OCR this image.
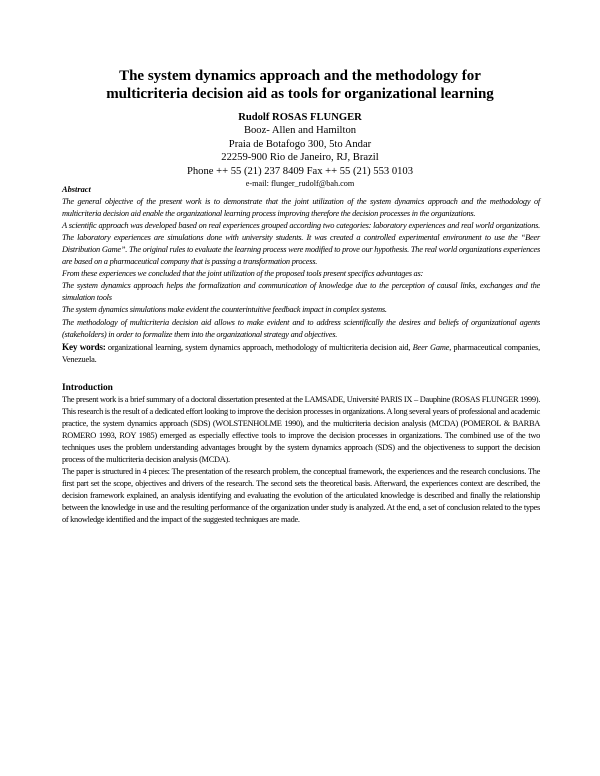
The system dynamics approach and the methodology for
multicriteria decision aid as tools for organizational learning
Rudolf ROSAS FLUNGER
Booz- Allen and Hamilton
Praia de Botafogo 300, 5to Andar
22259-900 Rio de Janeiro, RJ, Brazil
Phone ++ 55 (21) 237 8409 Fax ++ 55 (21) 553 0103
e-mail: flunger_rudolf@bah.com
Abstract

The general objective of the present work is to demonstrate that the joint utilization of the system dynamics approach and the methodology of multicriteria decision aid enable the organizational learning process improving therefore the decision processes in the organizations.

A scientific approach was developed based on real experiences grouped according two categories: laboratory experiences and real world organizations. The laboratory experiences are simulations done with university students. It was created a controlled experimental environment to use the “Beer Distribution Game”. The original rules to evaluate the learning process were modified to prove our hypothesis. The real world organizations experiences are based on a pharmaceutical company that is passing a transformation process.

From these experiences we concluded that the joint utilization of the proposed tools present specifics advantages as:

The system dynamics approach helps the formalization and communication of knowledge due to the perception of causal links, exchanges and the simulation tools

The system dynamics simulations make evident the counterintuitive feedback impact in complex systems.

The methodology of multicriteria decision aid allows to make evident and to address scientifically the desires and beliefs of organizational agents (stakeholders) in order to formalize them into the organizational strategy and objectives.

Key words: organizational learning, system dynamics approach, methodology of multicriteria decision aid, Beer Game, pharmaceutical companies, Venezuela.

Introduction

The present work is a brief summary of a doctoral dissertation presented at the LAMSADE, Université PARIS IX – Dauphine (ROSAS FLUNGER 1999). This research is the result of a dedicated effort looking to improve the decision processes in organizations. A long several years of professional and academic practice, the system dynamics approach (SDS) (WOLSTENHOLME 1990), and the multicriteria decision analysis (MCDA) (POMEROL & BARBA ROMERO 1993, ROY 1985) emerged as especially effective tools to improve the decision processes in organizations. The combined use of the two techniques uses the problem understanding advantages brought by the system dynamics approach (SDS) and the objectiveness to support the decision process of the multicriteria decision analysis (MCDA).

The paper is structured in 4 pieces: The presentation of the research problem, the conceptual framework, the experiences and the research conclusions. The first part set the scope, objectives and drivers of the research. The second sets the theoretical basis. Afterward, the experiences context are described, the decision framework explained, an analysis identifying and evaluating the evolution of the articulated knowledge is described and finally the relationship between the knowledge in use and the resulting performance of the organization under study is analyzed. At the end, a set of conclusion related to the types of knowledge identified and the impact of the suggested techniques are made.
